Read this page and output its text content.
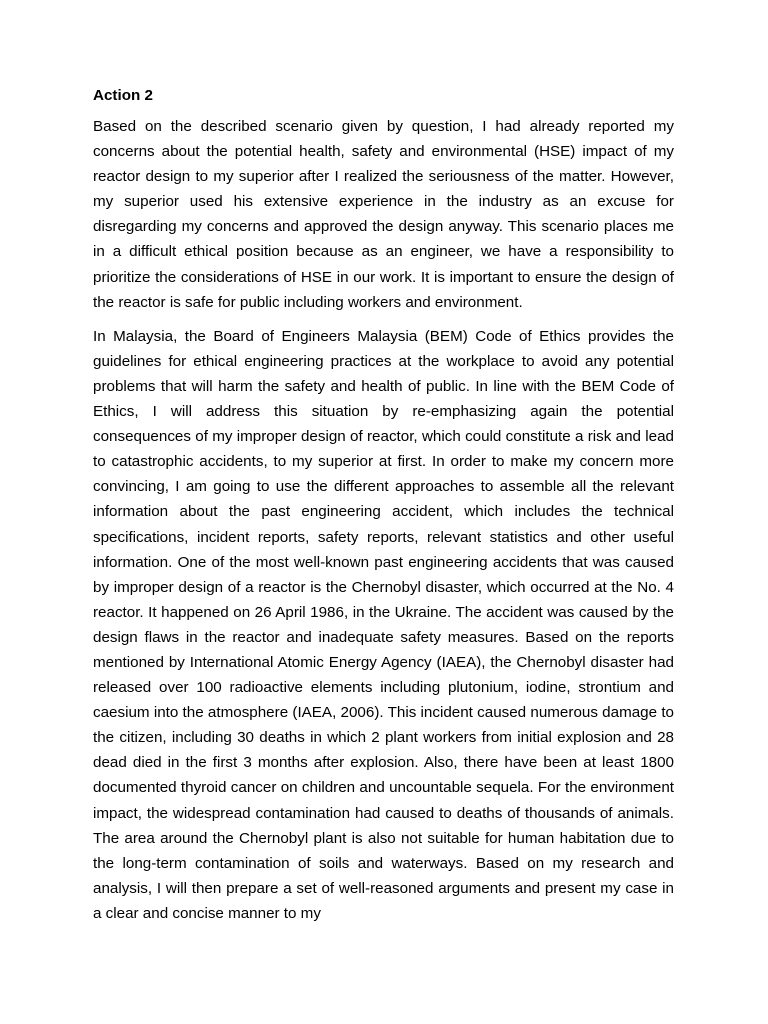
Action 2

Based on the described scenario given by question, I had already reported my concerns about the potential health, safety and environmental (HSE) impact of my reactor design to my superior after I realized the seriousness of the matter. However, my superior used his extensive experience in the industry as an excuse for disregarding my concerns and approved the design anyway. This scenario places me in a difficult ethical position because as an engineer, we have a responsibility to prioritize the considerations of HSE in our work. It is important to ensure the design of the reactor is safe for public including workers and environment.

In Malaysia, the Board of Engineers Malaysia (BEM) Code of Ethics provides the guidelines for ethical engineering practices at the workplace to avoid any potential problems that will harm the safety and health of public. In line with the BEM Code of Ethics, I will address this situation by re-emphasizing again the potential consequences of my improper design of reactor, which could constitute a risk and lead to catastrophic accidents, to my superior at first. In order to make my concern more convincing, I am going to use the different approaches to assemble all the relevant information about the past engineering accident, which includes the technical specifications, incident reports, safety reports, relevant statistics and other useful information. One of the most well-known past engineering accidents that was caused by improper design of a reactor is the Chernobyl disaster, which occurred at the No. 4 reactor. It happened on 26 April 1986, in the Ukraine. The accident was caused by the design flaws in the reactor and inadequate safety measures. Based on the reports mentioned by International Atomic Energy Agency (IAEA), the Chernobyl disaster had released over 100 radioactive elements including plutonium, iodine, strontium and caesium into the atmosphere (IAEA, 2006). This incident caused numerous damage to the citizen, including 30 deaths in which 2 plant workers from initial explosion and 28 dead died in the first 3 months after explosion. Also, there have been at least 1800 documented thyroid cancer on children and uncountable sequela. For the environment impact, the widespread contamination had caused to deaths of thousands of animals. The area around the Chernobyl plant is also not suitable for human habitation due to the long-term contamination of soils and waterways. Based on my research and analysis, I will then prepare a set of well-reasoned arguments and present my case in a clear and concise manner to my
